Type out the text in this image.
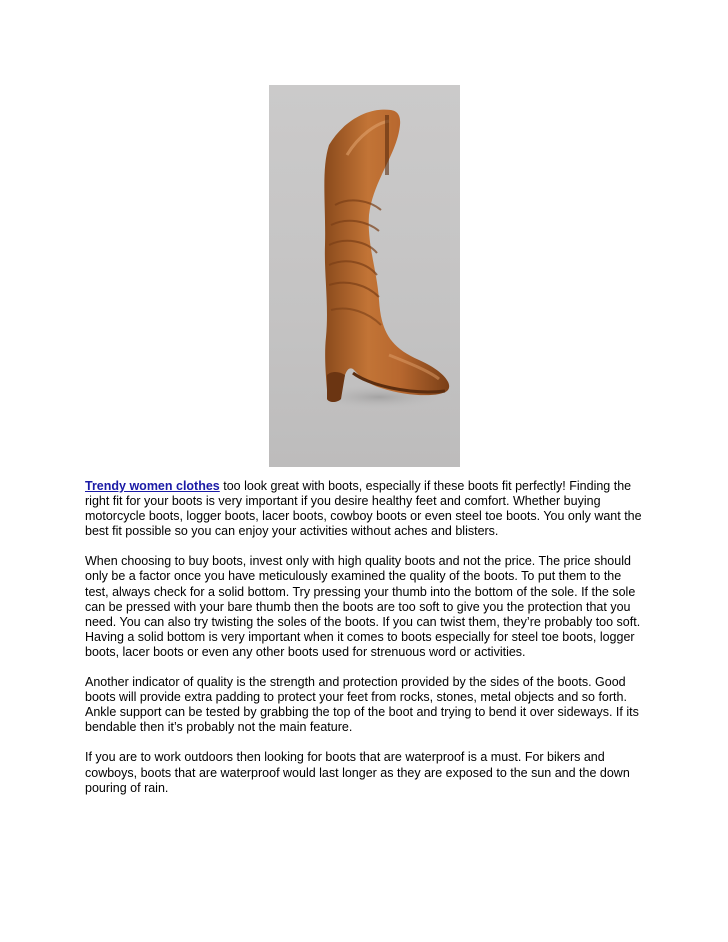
Trendy women clothes too look great with boots, especially if these boots fit perfectly! Finding the right fit for your boots is very important if you desire healthy feet and comfort. Whether buying motorcycle boots, logger boots, lacer boots, cowboy boots or even steel toe boots. You only want the best fit possible so you can enjoy your activities without aches and blisters.

When choosing to buy boots, invest only with high quality boots and not the price. The price should only be a factor once you have meticulously examined the quality of the boots. To put them to the test, always check for a solid bottom. Try pressing your thumb into the bottom of the sole. If the sole can be pressed with your bare thumb then the boots are too soft to give you the protection that you need. You can also try twisting the soles of the boots. If you can twist them, they’re probably too soft. Having a solid bottom is very important when it comes to boots especially for steel toe boots, logger boots, lacer boots or even any other boots used for strenuous word or activities.

Another indicator of quality is the strength and protection provided by the sides of the boots. Good boots will provide extra padding to protect your feet from rocks, stones, metal objects and so forth.

Ankle support can be tested by grabbing the top of the boot and trying to bend it over sideways. If its bendable then it’s probably not the main feature.

If you are to work outdoors then looking for boots that are waterproof is a must. For bikers and cowboys, boots that are waterproof would last longer as they are exposed to the sun and the down pouring of rain.
